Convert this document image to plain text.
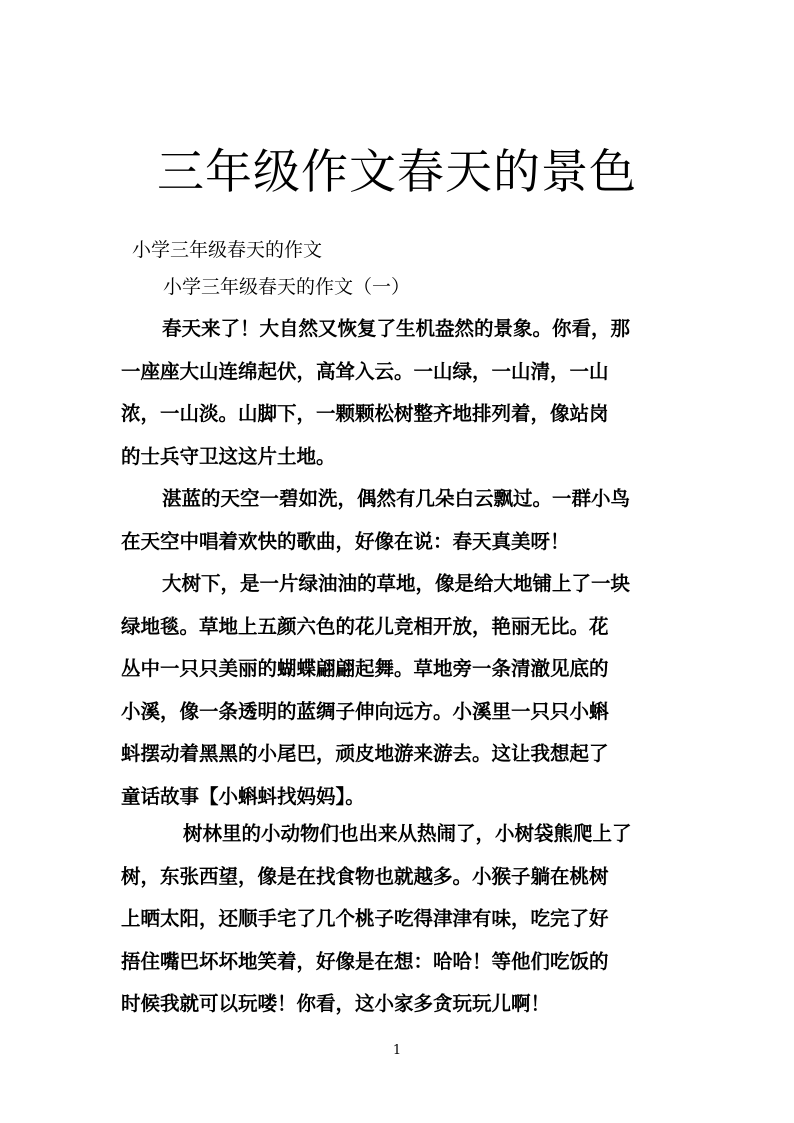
三年级作文春天的景色
小学三年级春天的作文
小学三年级春天的作文（一）
春天来了！大自然又恢复了生机盎然的景象。你看，那
一座座大山连绵起伏，高耸入云。一山绿，一山清，一山
浓，一山淡。山脚下，一颗颗松树整齐地排列着，像站岗
的士兵守卫这这片土地。
湛蓝的天空一碧如洗，偶然有几朵白云飘过。一群小鸟
在天空中唱着欢快的歌曲，好像在说：春天真美呀！
大树下，是一片绿油油的草地，像是给大地铺上了一块
绿地毯。草地上五颜六色的花儿竞相开放，艳丽无比。花
丛中一只只美丽的蝴蝶翩翩起舞。草地旁一条清澈见底的
小溪，像一条透明的蓝绸子伸向远方。小溪里一只只小蝌
蚪摆动着黑黑的小尾巴，顽皮地游来游去。这让我想起了
童话故事【小蝌蚪找妈妈】。
树林里的小动物们也出来从热闹了，小树袋熊爬上了
树，东张西望，像是在找食物也就越多。小猴子躺在桃树
上晒太阳，还顺手宅了几个桃子吃得津津有味，吃完了好
捂住嘴巴坏坏地笑着，好像是在想：哈哈！等他们吃饭的
时候我就可以玩喽！你看，这小家多贪玩玩儿啊！
1
